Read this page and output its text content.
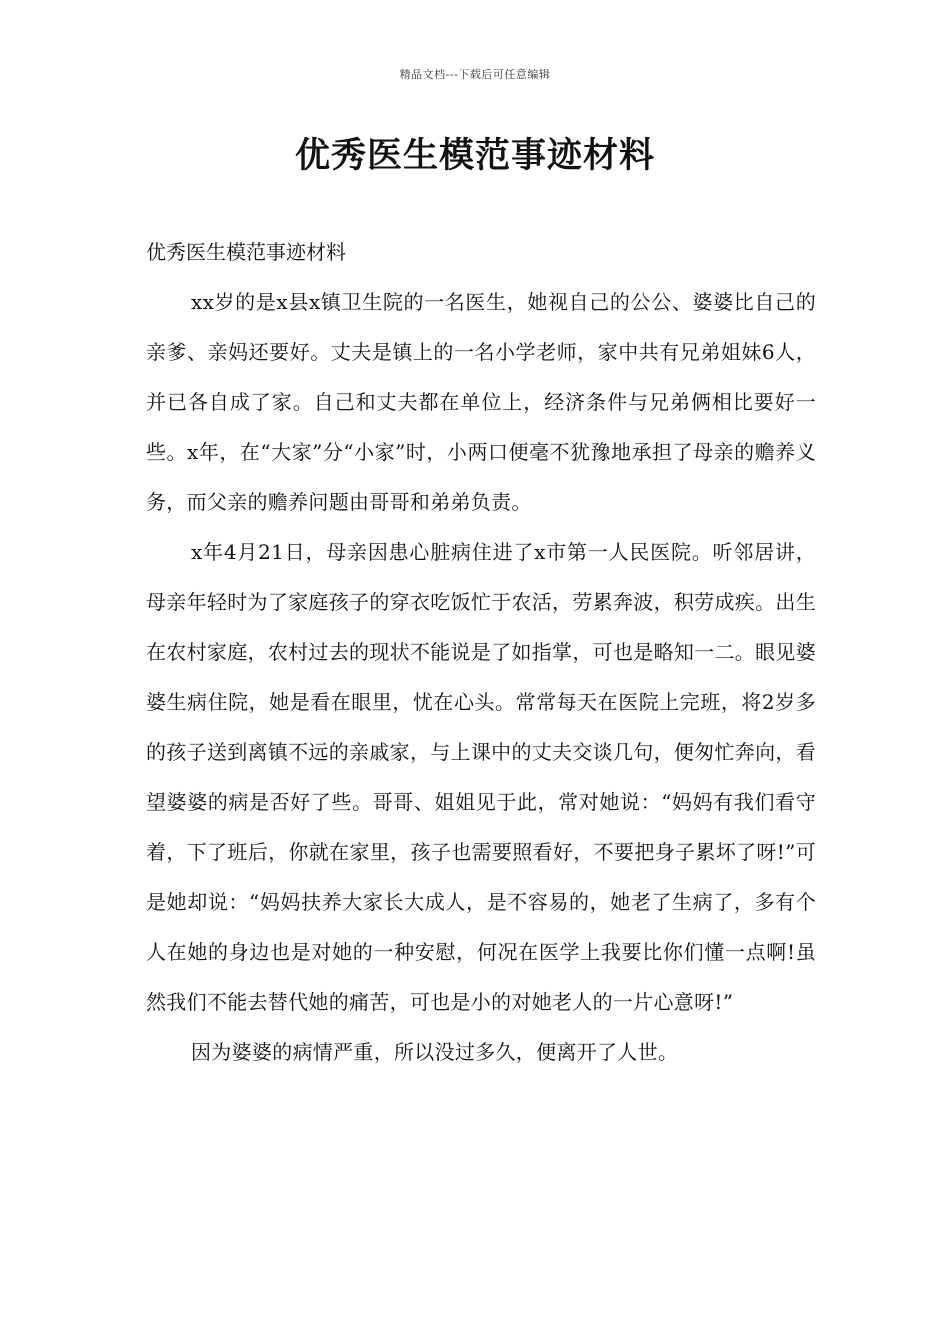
精品文档---下载后可任意编辑
优秀医生模范事迹材料

优秀医生模范事迹材料

xx岁的是x县x镇卫生院的一名医生，她视自己的公公、婆婆比自己的亲爹、亲妈还要好。丈夫是镇上的一名小学老师，家中共有兄弟姐妹6人，并已各自成了家。自己和丈夫都在单位上，经济条件与兄弟俩相比要好一些。x年，在“大家”分“小家”时，小两口便毫不犹豫地承担了母亲的赡养义务，而父亲的赡养问题由哥哥和弟弟负责。

x年4月21日，母亲因患心脏病住进了x市第一人民医院。听邻居讲，母亲年轻时为了家庭孩子的穿衣吃饭忙于农活，劳累奔波，积劳成疾。出生在农村家庭，农村过去的现状不能说是了如指掌，可也是略知一二。眼见婆婆生病住院，她是看在眼里，忧在心头。常常每天在医院上完班，将2岁多的孩子送到离镇不远的亲戚家，与上课中的丈夫交谈几句，便匆忙奔向，看望婆婆的病是否好了些。哥哥、姐姐见于此，常对她说：“妈妈有我们看守着，下了班后，你就在家里，孩子也需要照看好，不要把身子累坏了呀!”可是她却说：“妈妈扶养大家长大成人，是不容易的，她老了生病了，多有个人在她的身边也是对她的一种安慰，何况在医学上我要比你们懂一点啊!虽然我们不能去替代她的痛苦，可也是小的对她老人的一片心意呀!”

因为婆婆的病情严重，所以没过多久，便离开了人世。
